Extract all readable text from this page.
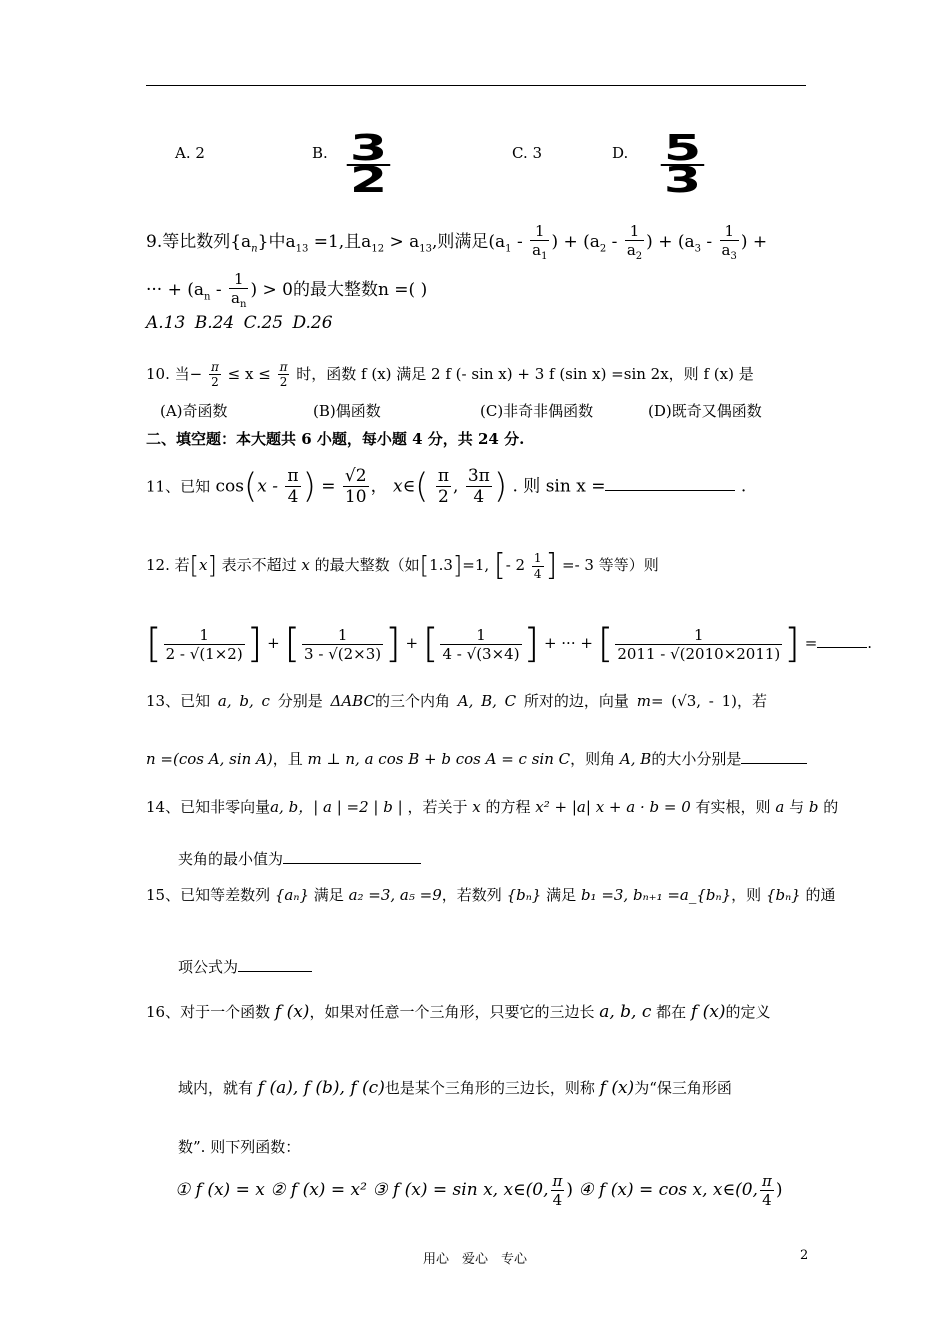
A. 2	B. $\frac{3}{2}$	C. 3	D. $\frac{5}{3}$
9.等比数列$\{a_n\}$中$a_{13} =1$,且$a_{12} > a_{13}$,则满足($a_1 - \frac{1}{a_1}$ ) + ($a_2 - \frac{1}{a_2}$ ) + ($a_3 - \frac{1}{a_3}$ ) +
··· + ($a_n - \frac{1}{a_n}$ ) > 0的最大整数n =( )
A.13 B.24 C.25 D.26
10. 当− $\frac{\pi}{2} \le x \le \frac{\pi}{2}$ 时，函数 f (x) 满足 2 f (- sin x) + 3 f (sin x) =sin 2x，则 f (x) 是
(A)奇函数	(B)偶函数	(C)非奇非偶函数	(D)既奇又偶函数
二、填空题：本大题共 6 小题，每小题 4 分，共 24 分.
11、已知 $\cos(x - \frac{\pi}{4}$ ) = $\frac{√2}{10}$ ， x∈( $\frac{\pi}{2}$ , $\frac{3\pi}{4}$ ) . 则 sin x =	.
12. 若[x] 表示不超过 x 的最大整数（如[1.3]=1, [- $2 \frac{1}{4}$ ] =- 3 等等）则
[ $\frac{1}{2 - √(1\times 2)}$ ] + [ $\frac{1}{3 - √(2\times 3)}$ ] + [ $\frac{1}{4 - √(3\times 4)}$ ] + ··· + [ $\frac{1}{2011 - √(2010\times 2011)}$ ] =	.
13、已知 a, b, c 分别是 ΔABC的三个内角 A, B, C 所对的边，向量 m= (√3, - 1)，若
n =(cos A, sin A)，且 m ⊥ n, a cos B + b cos A = c sin C，则角 A, B的大小分别是
14、已知非零向量a, b，| a | =2 | b | ，若关于 x 的方程 x² + |a| x + a · b = 0 有实根，则 a 与 b 的
夹角的最小值为
15、已知等差数列 {aₙ} 满足 a₂ =3, a₅ =9，若数列 {bₙ} 满足 b₁ =3, bₙ₊₁ =a_{bₙ}，则 {bₙ} 的通
项公式为
16、对于一个函数 f (x)，如果对任意一个三角形，只要它的三边长 a, b, c 都在 f (x)的定义
域内，就有 f (a), f (b), f (c)也是某个三角形的三边长，则称 f (x)为“保三角形函
数”. 则下列函数：
① f (x) = x ② f (x) = x² ③ f (x) = sin x, x∈(0, $\frac{\pi}{4}$ ) ④ f (x) = cos x, x∈(0, $\frac{\pi}{4}$ )
用心　爱心　专心	2
